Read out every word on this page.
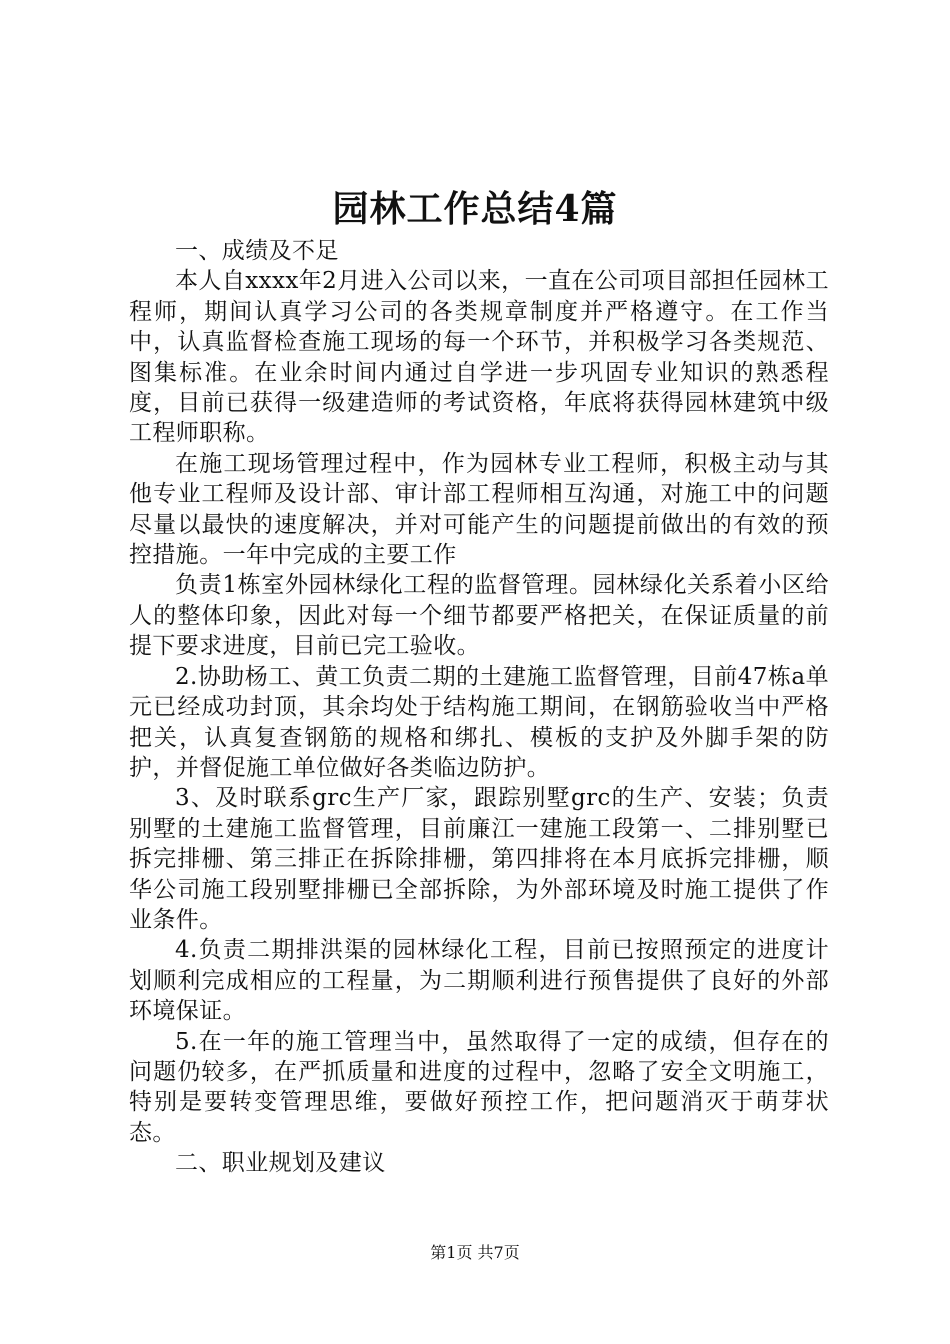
园林工作总结4篇

一、成绩及不足

本人自xxxx年2月进入公司以来，一直在公司项目部担任园林工程师，期间认真学习公司的各类规章制度并严格遵守。在工作当中，认真监督检查施工现场的每一个环节，并积极学习各类规范、图集标准。在业余时间内通过自学进一步巩固专业知识的熟悉程度，目前已获得一级建造师的考试资格，年底将获得园林建筑中级工程师职称。

在施工现场管理过程中，作为园林专业工程师，积极主动与其他专业工程师及设计部、审计部工程师相互沟通，对施工中的问题尽量以最快的速度解决，并对可能产生的问题提前做出的有效的预控措施。一年中完成的主要工作

负责1栋室外园林绿化工程的监督管理。园林绿化关系着小区给人的整体印象，因此对每一个细节都要严格把关，在保证质量的前提下要求进度，目前已完工验收。

2.协助杨工、黄工负责二期的土建施工监督管理，目前47栋a单元已经成功封顶，其余均处于结构施工期间，在钢筋验收当中严格把关，认真复查钢筋的规格和绑扎、模板的支护及外脚手架的防护，并督促施工单位做好各类临边防护。

3、及时联系grc生产厂家，跟踪别墅grc的生产、安装；负责别墅的土建施工监督管理，目前廉江一建施工段第一、二排别墅已拆完排栅、第三排正在拆除排栅，第四排将在本月底拆完排栅，顺华公司施工段别墅排栅已全部拆除，为外部环境及时施工提供了作业条件。

4.负责二期排洪渠的园林绿化工程，目前已按照预定的进度计划顺利完成相应的工程量，为二期顺利进行预售提供了良好的外部环境保证。

5.在一年的施工管理当中，虽然取得了一定的成绩，但存在的问题仍较多，在严抓质量和进度的过程中，忽略了安全文明施工，特别是要转变管理思维，要做好预控工作，把问题消灭于萌芽状态。

二、职业规划及建议

第1页 共7页
